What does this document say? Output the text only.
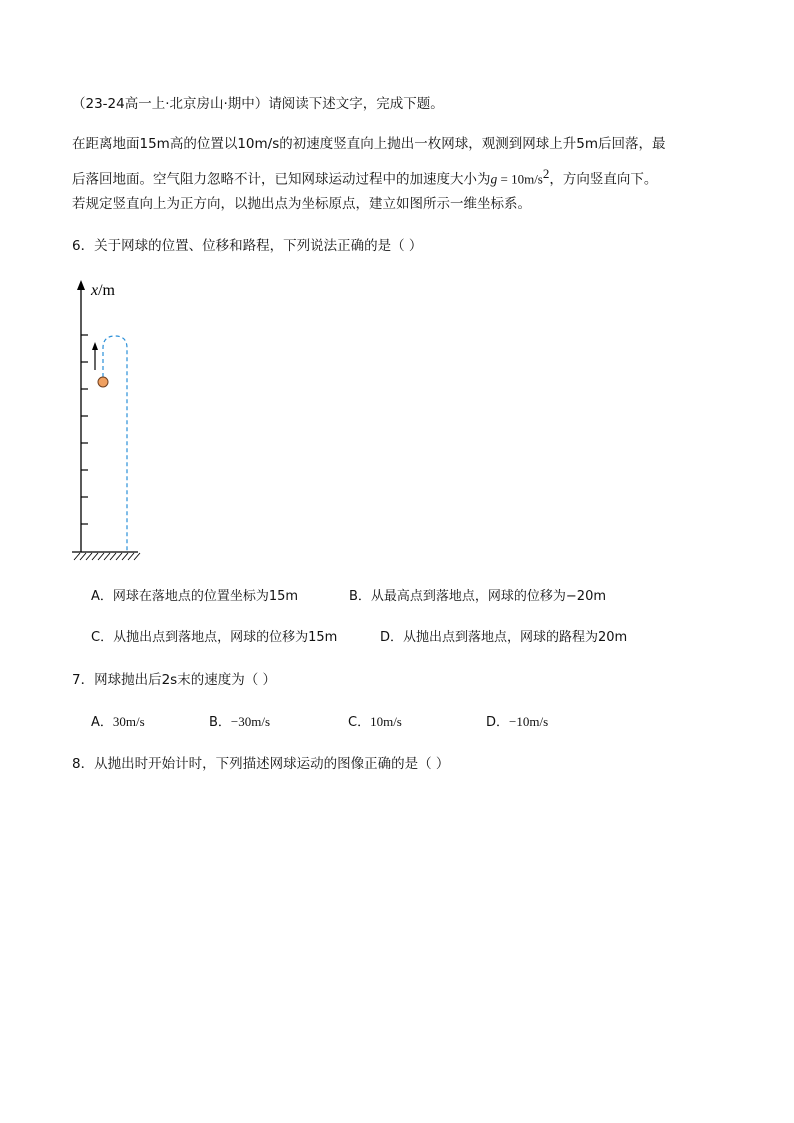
（23-24高一上·北京房山·期中）请阅读下述文字，完成下题。
在距离地面15m高的位置以10m/s的初速度竖直向上抛出一枚网球，观测到网球上升5m后回落，最
后落回地面。空气阻力忽略不计，已知网球运动过程中的加速度大小为$g = 10m/s^2$，方向竖直向下。
若规定竖直向上为正方向，以抛出点为坐标原点，建立如图所示一维坐标系。
6．关于网球的位置、位移和路程，下列说法正确的是（ ）
x/m
A．网球在落地点的位置坐标为15m	B．从最高点到落地点，网球的位移为−20m
C．从抛出点到落地点，网球的位移为15m	D．从抛出点到落地点，网球的路程为20m
7．网球抛出后2s末的速度为（ ）
A．30m/s	B．−30m/s	C．10m/s	D．−10m/s
8．从抛出时开始计时，下列描述网球运动的图像正确的是（ ）
